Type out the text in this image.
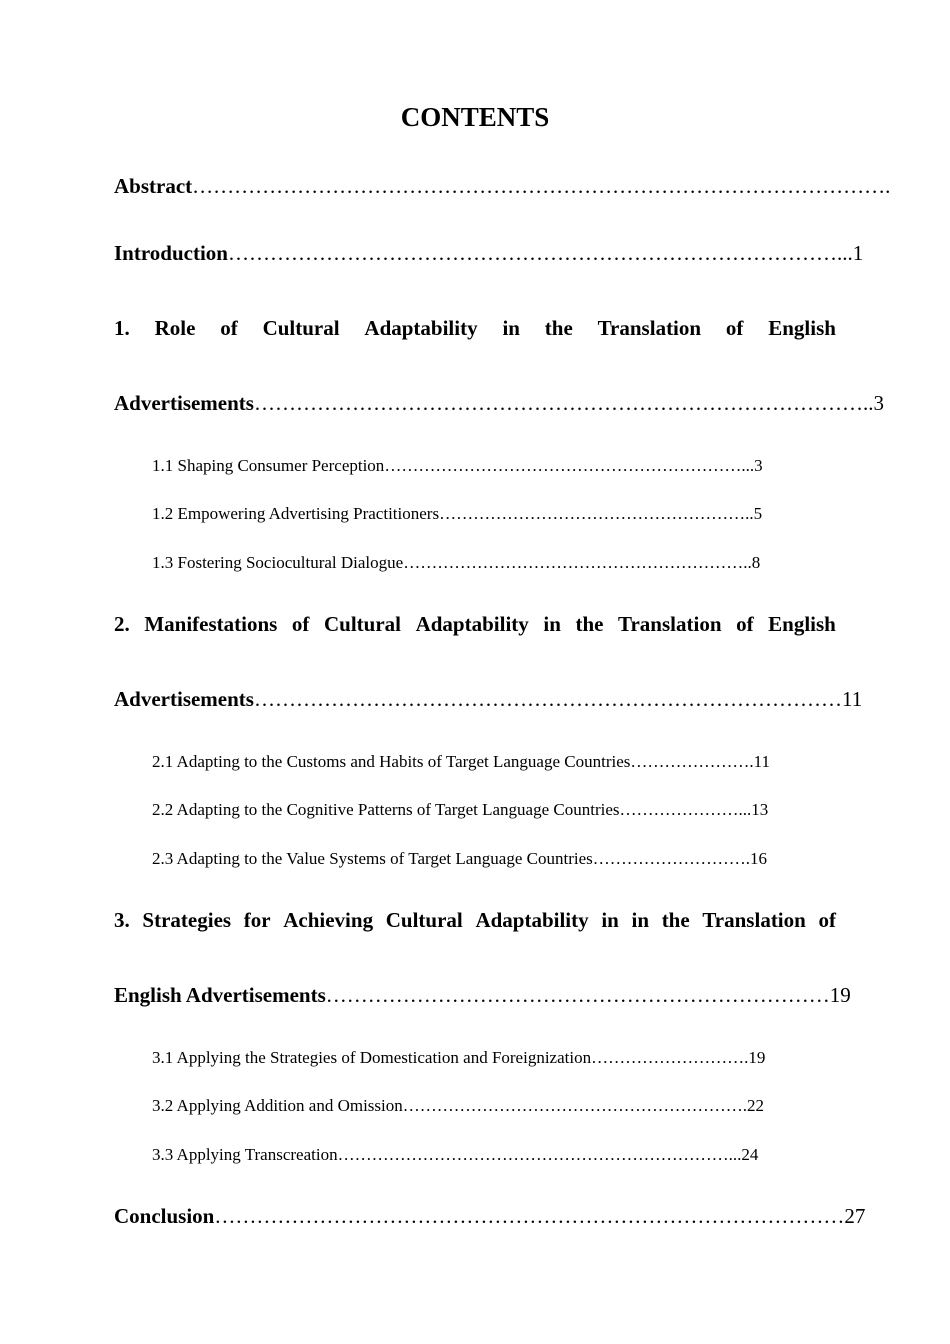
CONTENTS
Abstract……………………………………………………………………………………….
Introduction……………………………………………………………………………...1
1. Role of Cultural Adaptability in the Translation of English
Advertisements……………………………………………………………………………..3
1.1 Shaping Consumer Perception………………………………………………………...3
1.2 Empowering Advertising Practitioners………………………………………………..5
1.3 Fostering Sociocultural Dialogue……………………………………………………..8
2. Manifestations of Cultural Adaptability in the Translation of English
Advertisements…………………………………………………………………………11
2.1 Adapting to the Customs and Habits of Target Language Countries………………….11
2.2 Adapting to the Cognitive Patterns of Target Language Countries…………………...13
2.3 Adapting to the Value Systems of Target Language Countries……………………….16
3. Strategies for Achieving Cultural Adaptability in in the Translation of
English Advertisements………………………………………………………………19
3.1 Applying the Strategies of Domestication and Foreignization……………………….19
3.2 Applying Addition and Omission…………………………………………………….22
3.3 Applying Transcreation……………………………………………………………...24
Conclusion………………………………………………………………………………27
